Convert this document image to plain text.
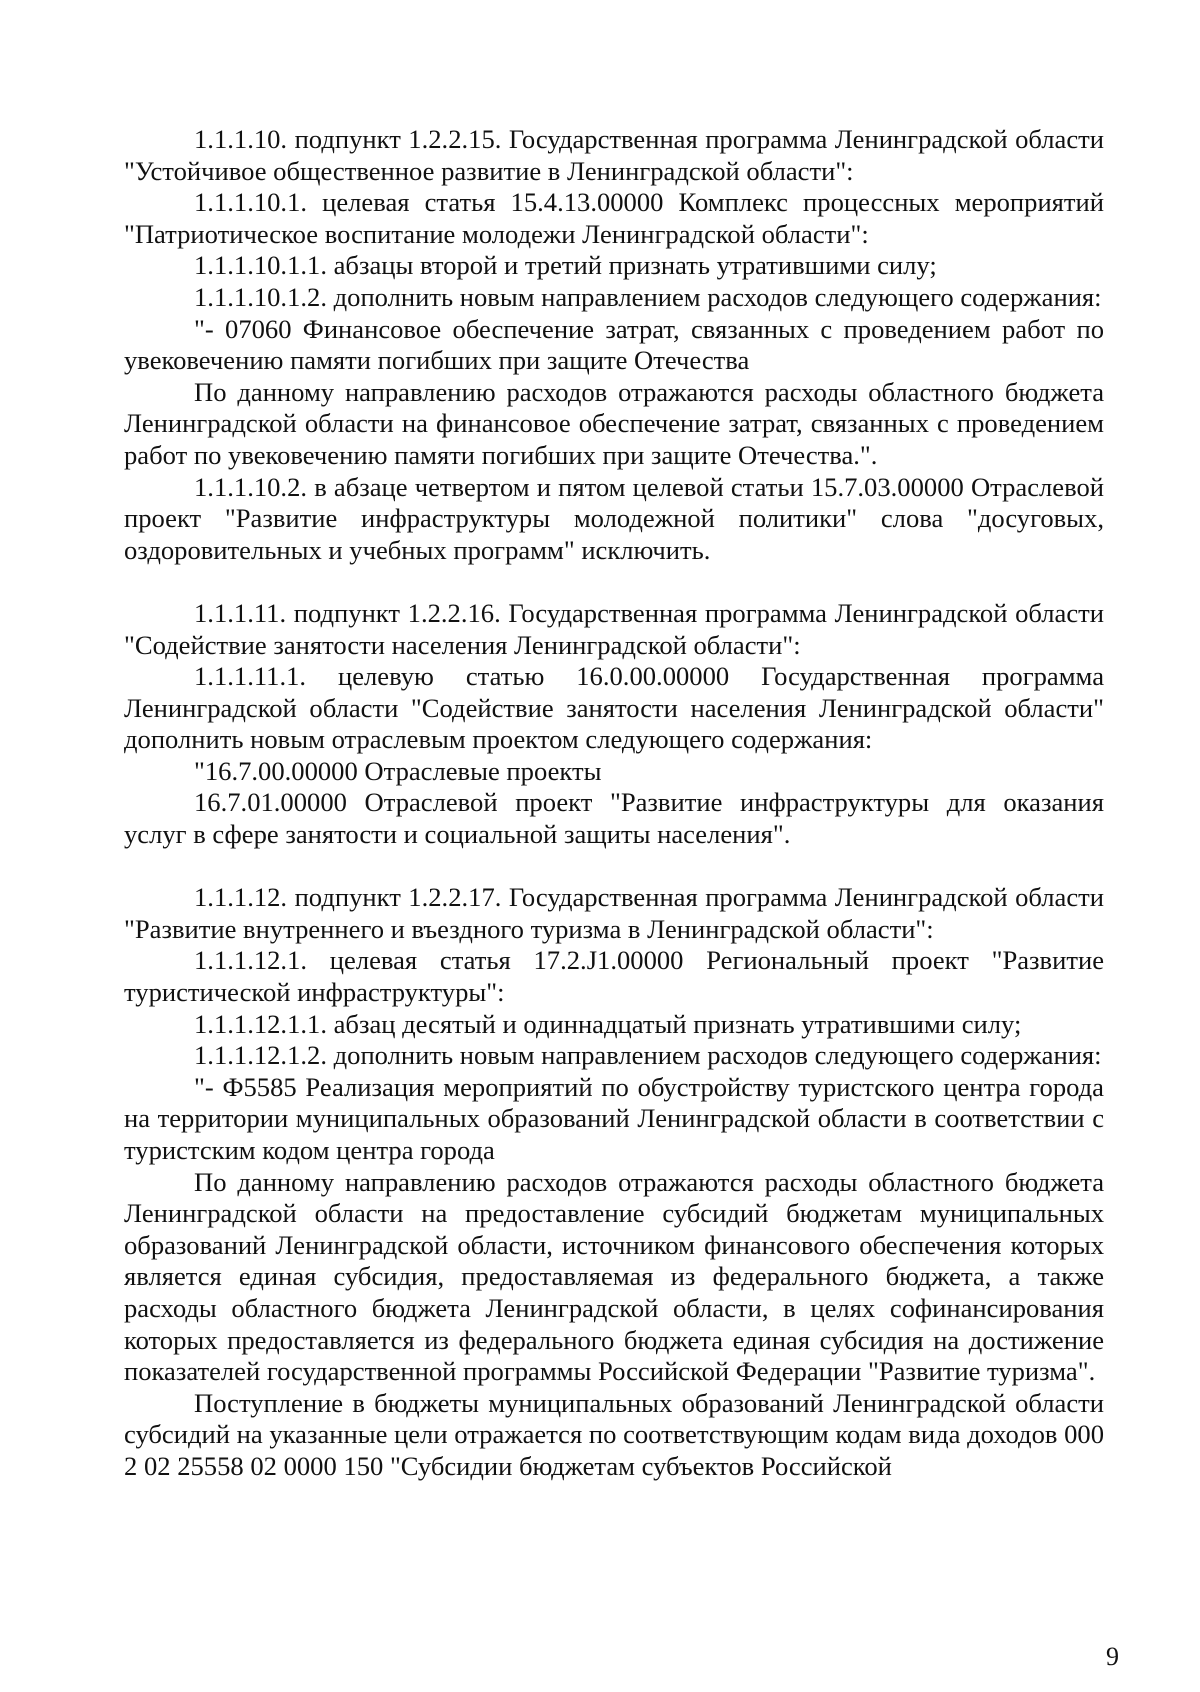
1.1.1.10. подпункт 1.2.2.15. Государственная программа Ленинградской области "Устойчивое общественное развитие в Ленинградской области":

1.1.1.10.1. целевая статья 15.4.13.00000 Комплекс процессных мероприятий "Патриотическое воспитание молодежи Ленинградской области":

1.1.1.10.1.1. абзацы второй и третий признать утратившими силу;

1.1.1.10.1.2. дополнить новым направлением расходов следующего содержания:

"- 07060 Финансовое обеспечение затрат, связанных с проведением работ по увековечению памяти погибших при защите Отечества

По данному направлению расходов отражаются расходы областного бюджета Ленинградской области на финансовое обеспечение затрат, связанных с проведением работ по увековечению памяти погибших при защите Отечества.".

1.1.1.10.2. в абзаце четвертом и пятом целевой статьи 15.7.03.00000 Отраслевой проект "Развитие инфраструктуры молодежной политики" слова "досуговых, оздоровительных и учебных программ" исключить.

1.1.1.11. подпункт 1.2.2.16. Государственная программа Ленинградской области "Содействие занятости населения Ленинградской области":

1.1.1.11.1. целевую статью 16.0.00.00000 Государственная программа Ленинградской области "Содействие занятости населения Ленинградской области" дополнить новым отраслевым проектом следующего содержания:

"16.7.00.00000 Отраслевые проекты

16.7.01.00000 Отраслевой проект "Развитие инфраструктуры для оказания услуг в сфере занятости и социальной защиты населения".

1.1.1.12. подпункт 1.2.2.17. Государственная программа Ленинградской области "Развитие внутреннего и въездного туризма в Ленинградской области":

1.1.1.12.1. целевая статья 17.2.J1.00000 Региональный проект "Развитие туристической инфраструктуры":

1.1.1.12.1.1. абзац десятый и одиннадцатый признать утратившими силу;

1.1.1.12.1.2. дополнить новым направлением расходов следующего содержания:

"- Ф5585 Реализация мероприятий по обустройству туристского центра города на территории муниципальных образований Ленинградской области в соответствии с туристским кодом центра города

По данному направлению расходов отражаются расходы областного бюджета Ленинградской области на предоставление субсидий бюджетам муниципальных образований Ленинградской области, источником финансового обеспечения которых является единая субсидия, предоставляемая из федерального бюджета, а также расходы областного бюджета Ленинградской области, в целях софинансирования которых предоставляется из федерального бюджета единая субсидия на достижение показателей государственной программы Российской Федерации "Развитие туризма".

Поступление в бюджеты муниципальных образований Ленинградской области субсидий на указанные цели отражается по соответствующим кодам вида доходов 000 2 02 25558 02 0000 150 "Субсидии бюджетам субъектов Российской

9
